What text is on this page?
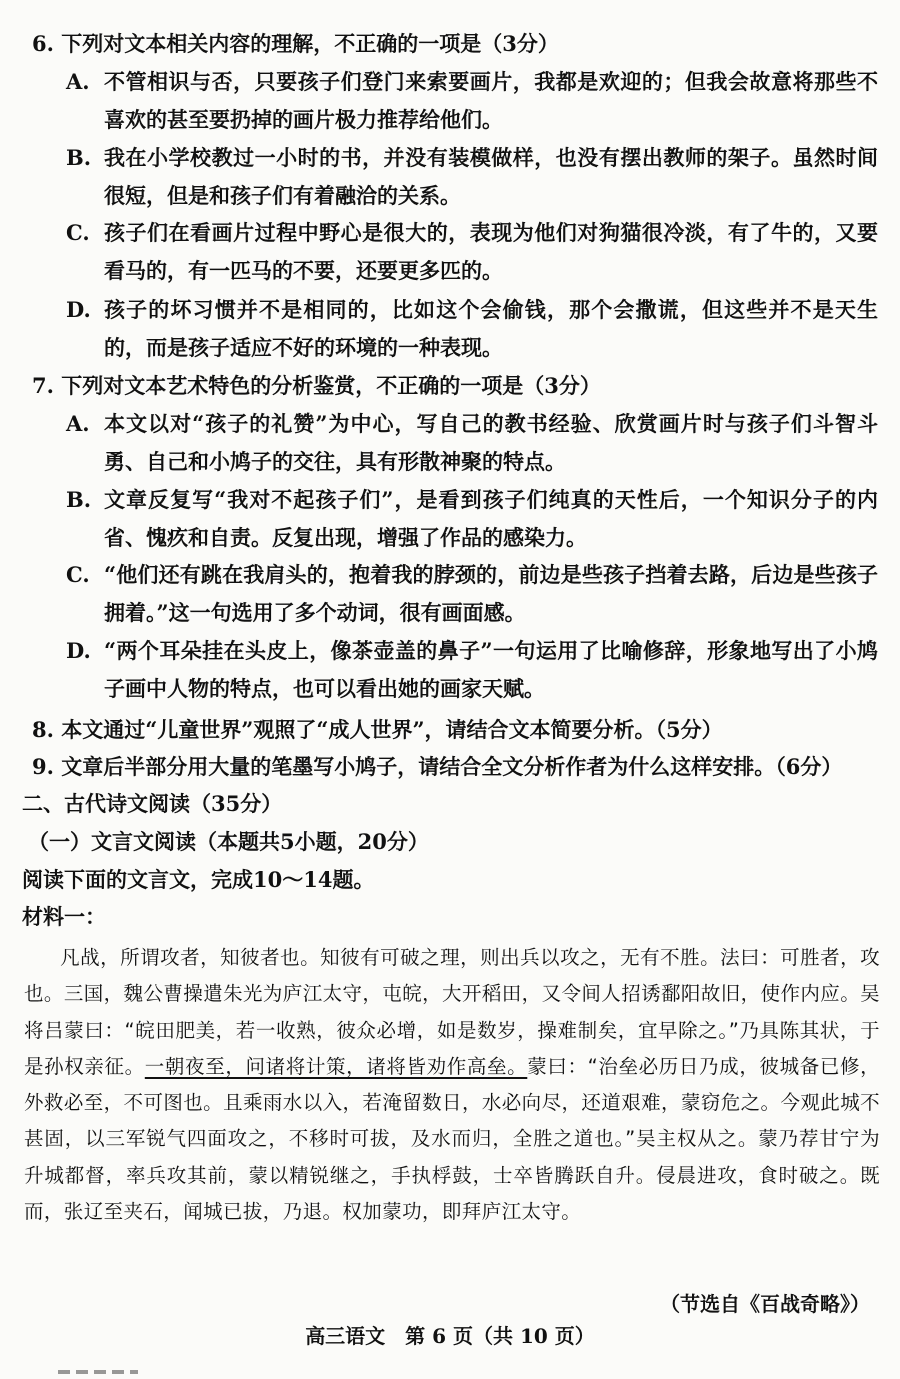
6. 下列对文本相关内容的理解，不正确的一项是（3分）
A. 不管相识与否，只要孩子们登门来索要画片，我都是欢迎的；但我会故意将那些不喜欢的甚至要扔掉的画片极力推荐给他们。
B. 我在小学校教过一小时的书，并没有装模做样，也没有摆出教师的架子。虽然时间很短，但是和孩子们有着融洽的关系。
C. 孩子们在看画片过程中野心是很大的，表现为他们对狗猫很冷淡，有了牛的，又要看马的，有一匹马的不要，还要更多匹的。
D. 孩子的坏习惯并不是相同的，比如这个会偷钱，那个会撒谎，但这些并不是天生的，而是孩子适应不好的环境的一种表现。
7. 下列对文本艺术特色的分析鉴赏，不正确的一项是（3分）
A. 本文以对“孩子的礼赞”为中心，写自己的教书经验、欣赏画片时与孩子们斗智斗勇、自己和小鸠子的交往，具有形散神聚的特点。
B. 文章反复写“我对不起孩子们”，是看到孩子们纯真的天性后，一个知识分子的内省、愧疚和自责。反复出现，增强了作品的感染力。
C. “他们还有跳在我肩头的，抱着我的脖颈的，前边是些孩子挡着去路，后边是些孩子拥着。”这一句选用了多个动词，很有画面感。
D. “两个耳朵挂在头皮上，像茶壶盖的鼻子”一句运用了比喻修辞，形象地写出了小鸠子画中人物的特点，也可以看出她的画家天赋。
8. 本文通过“儿童世界”观照了“成人世界”，请结合文本简要分析。（5分）
9. 文章后半部分用大量的笔墨写小鸠子，请结合全文分析作者为什么这样安排。（6分）
二、古代诗文阅读（35分）
（一）文言文阅读（本题共5小题，20分）
阅读下面的文言文，完成10～14题。
材料一：
凡战，所谓攻者，知彼者也。知彼有可破之理，则出兵以攻之，无有不胜。法曰：可胜者，攻也。三国，魏公曹操遣朱光为庐江太守，屯皖，大开稻田，又令间人招诱鄱阳故旧，使作内应。吴将吕蒙曰：“皖田肥美，若一收熟，彼众必增，如是数岁，操难制矣，宜早除之。”乃具陈其状，于是孙权亲征。一朝夜至，问诸将计策，诸将皆劝作高垒。蒙曰：“治垒必历日乃成，彼城备已修，外救必至，不可图也。且乘雨水以入，若淹留数日，水必向尽，还道艰难，蒙窃危之。今观此城不甚固，以三军锐气四面攻之，不移时可拔，及水而归，全胜之道也。”吴主权从之。蒙乃荐甘宁为升城都督，率兵攻其前，蒙以精锐继之，手执桴鼓，士卒皆腾跃自升。侵晨进攻，食时破之。既而，张辽至夹石，闻城已拔，乃退。权加蒙功，即拜庐江太守。
（节选自《百战奇略》）
高三语文　第 6 页（共 10 页）
